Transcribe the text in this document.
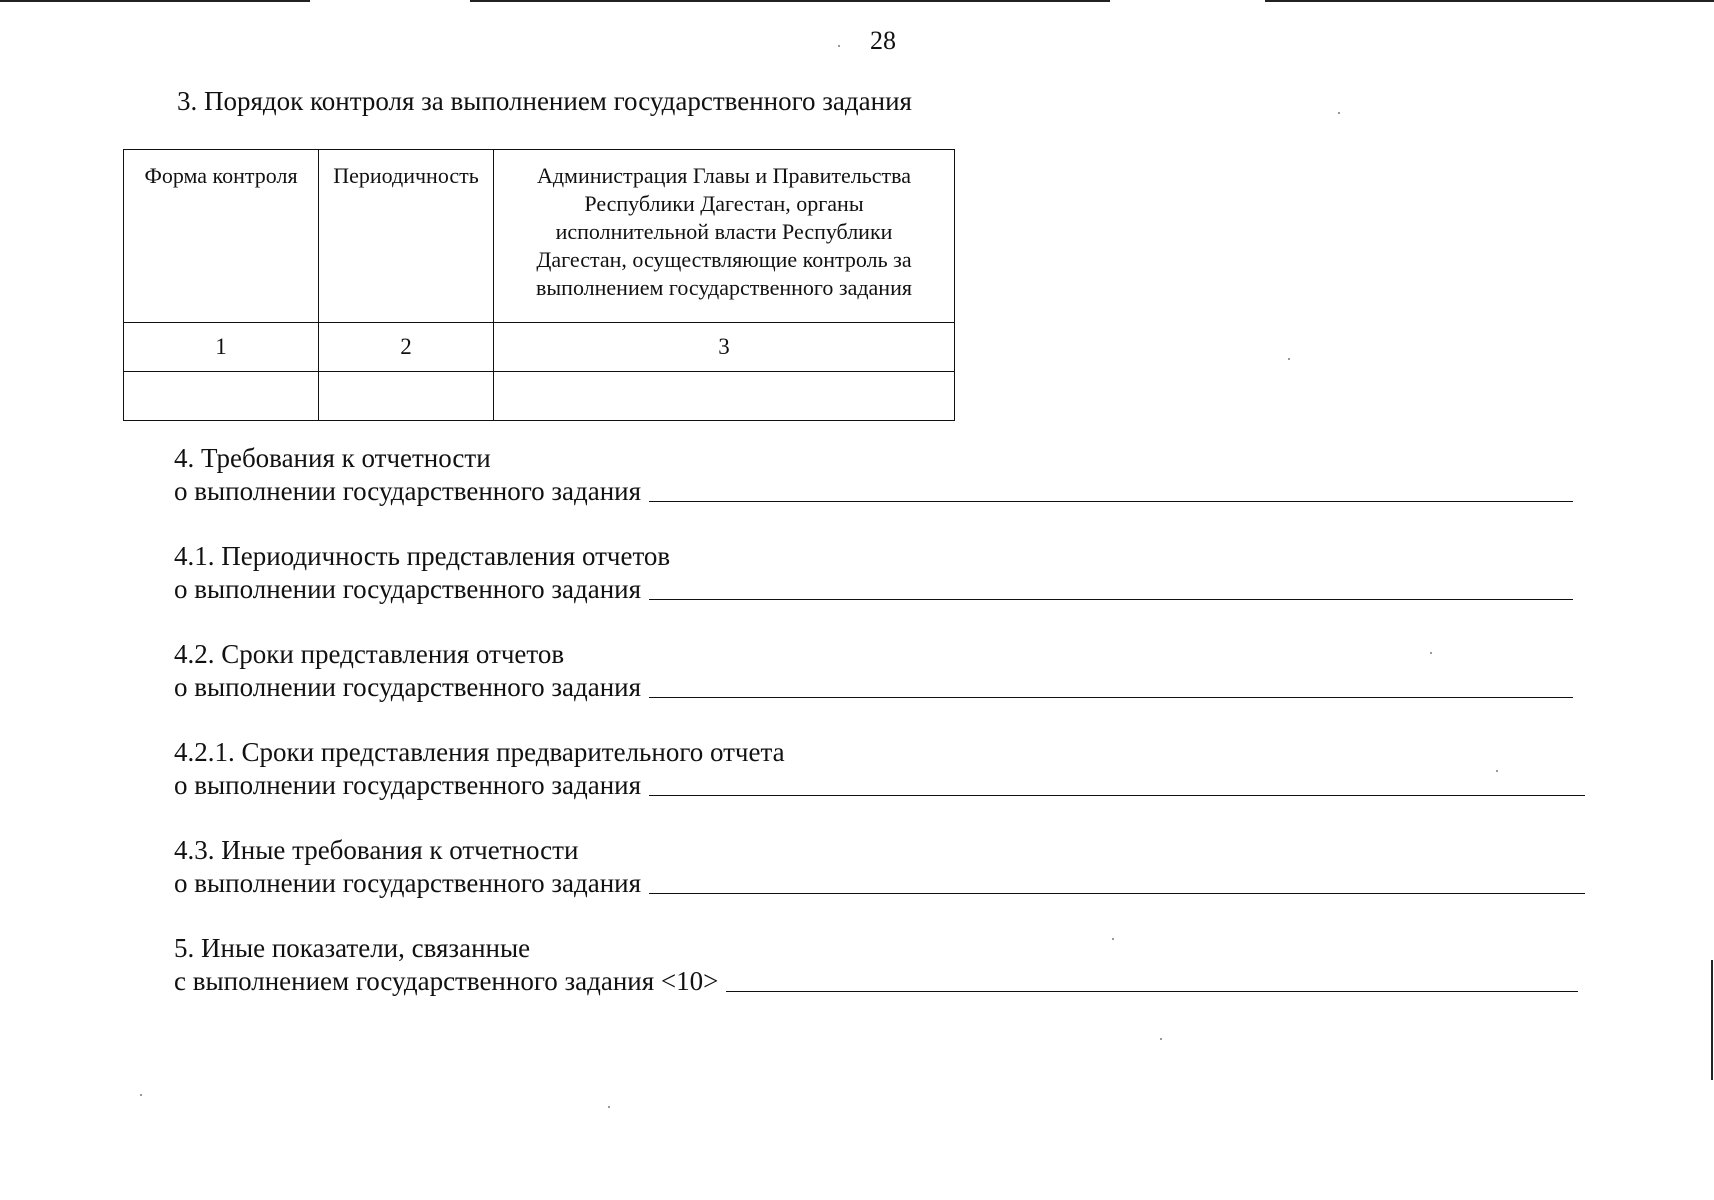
28
3. Порядок контроля за выполнением государственного задания
Форма контроля	Периодичность	Администрация Главы и Правительства Республики Дагестан, органы исполнительной власти Республики Дагестан, осуществляющие контроль за выполнением государственного задания
1	2	3

4. Требования к отчетности
о выполнении государственного задания
4.1. Периодичность представления отчетов
о выполнении государственного задания
4.2. Сроки представления отчетов
о выполнении государственного задания
4.2.1. Сроки представления предварительного отчета
о выполнении государственного задания
4.3. Иные требования к отчетности
о выполнении государственного задания
5. Иные показатели, связанные
с выполнением государственного задания <10>
